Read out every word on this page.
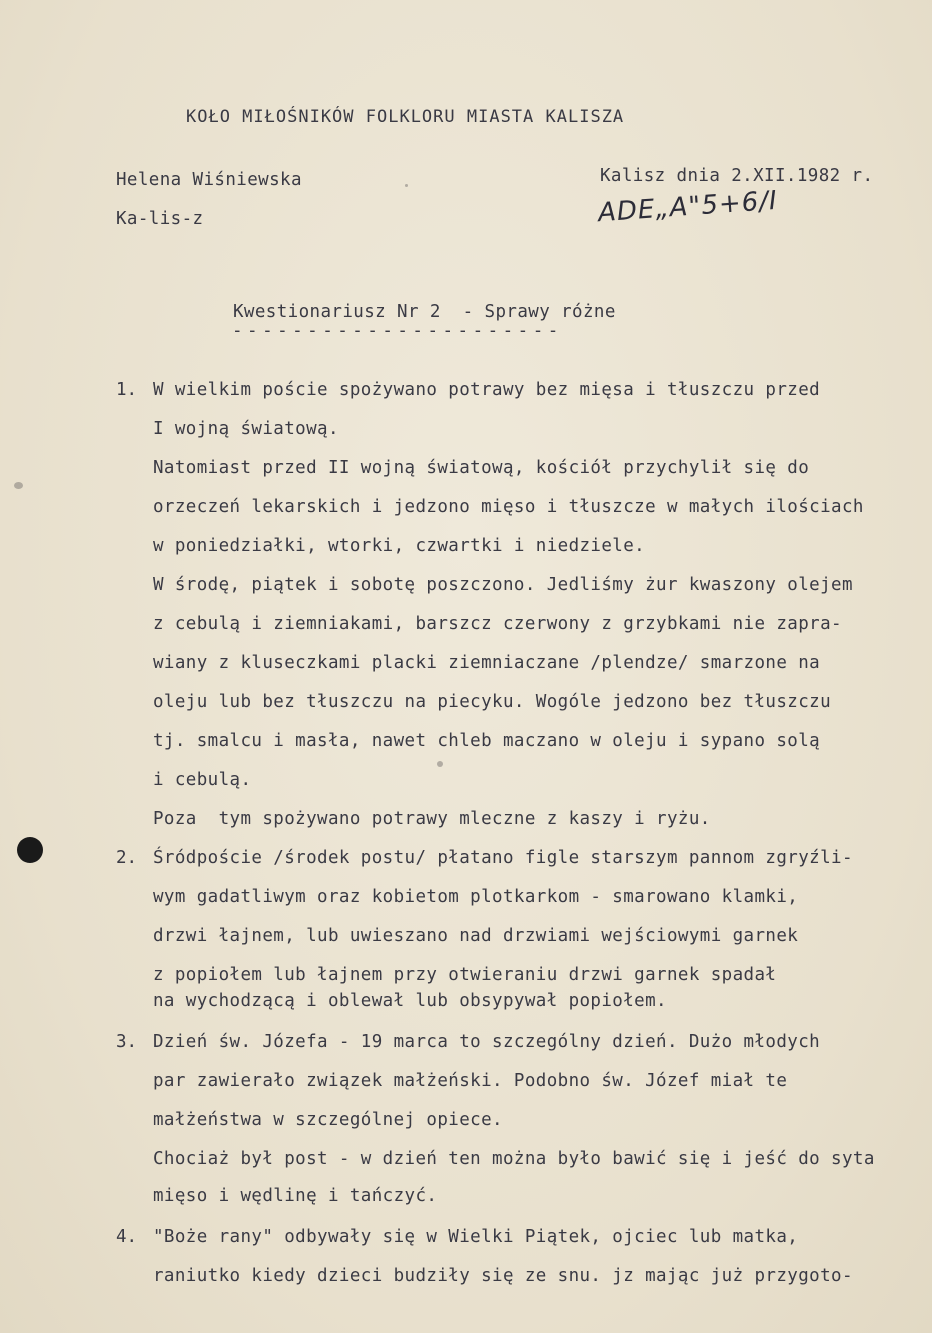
KOŁO MIŁOŚNIKÓW FOLKLORU MIASTA KALISZA
Helena Wiśniewska
Ka-lis-z
Kalisz dnia 2.XII.1982 r.
ADE„A"5+6/I
Kwestionariusz Nr 2  - Sprawy różne
----------------------
1. W wielkim poście spożywano potrawy bez mięsa i tłuszczu przed
I wojną światową.
Natomiast przed II wojną światową, kościół przychylił się do
orzeczeń lekarskich i jedzono mięso i tłuszcze w małych ilościach
w poniedziałki, wtorki, czwartki i niedziele.
W środę, piątek i sobotę poszczono. Jedliśmy żur kwaszony olejem
z cebulą i ziemniakami, barszcz czerwony z grzybkami nie zapra-
wiany z kluseczkami placki ziemniaczane /plendze/ smarzone na
oleju lub bez tłuszczu na piecyku. Wogóle jedzono bez tłuszczu
tj. smalcu i masła, nawet chleb maczano w oleju i sypano solą
i cebulą.
Poza  tym spożywano potrawy mleczne z kaszy i ryżu.
2. Śródpoście /środek postu/ płatano figle starszym pannom zgryźli-
wym gadatliwym oraz kobietom plotkarkom - smarowano klamki,
drzwi łajnem, lub uwieszano nad drzwiami wejściowymi garnek
z popiołem lub łajnem przy otwieraniu drzwi garnek spadał
na wychodzącą i oblewał lub obsypywał popiołem.
3. Dzień św. Józefa - 19 marca to szczególny dzień. Dużo młodych
par zawierało związek małżeński. Podobno św. Józef miał te
małżeństwa w szczególnej opiece.
Chociaż był post - w dzień ten można było bawić się i jeść do syta
mięso i wędlinę i tańczyć.
4. "Boże rany" odbywały się w Wielki Piątek, ojciec lub matka,
raniutko kiedy dzieci budziły się ze snu. jz mając już przygoto-
